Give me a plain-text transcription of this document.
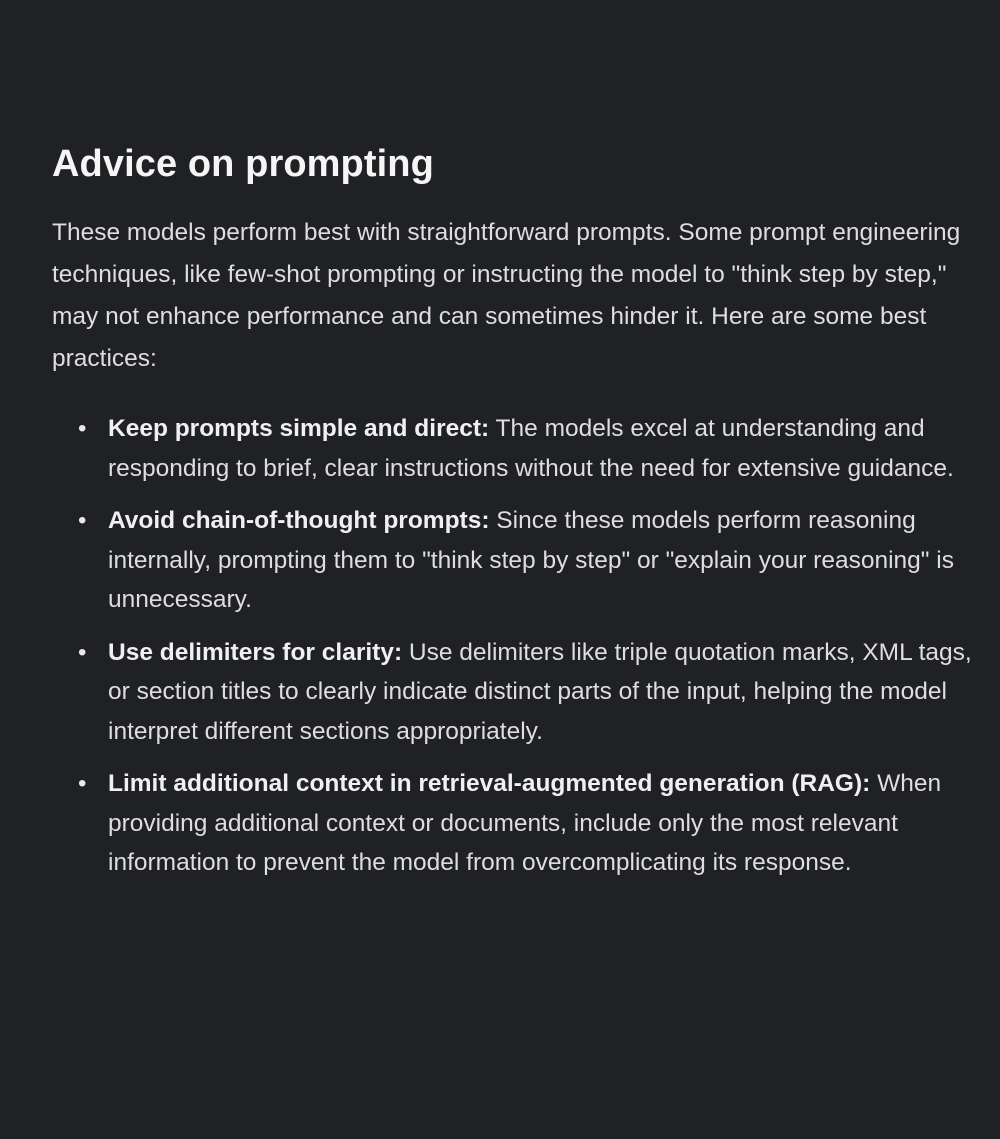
Advice on prompting

These models perform best with straightforward prompts. Some prompt engineering techniques, like few-shot prompting or instructing the model to "think step by step," may not enhance performance and can sometimes hinder it. Here are some best practices:

• Keep prompts simple and direct: The models excel at understanding and responding to brief, clear instructions without the need for extensive guidance.
• Avoid chain-of-thought prompts: Since these models perform reasoning internally, prompting them to "think step by step" or "explain your reasoning" is unnecessary.
• Use delimiters for clarity: Use delimiters like triple quotation marks, XML tags, or section titles to clearly indicate distinct parts of the input, helping the model interpret different sections appropriately.
• Limit additional context in retrieval-augmented generation (RAG): When providing additional context or documents, include only the most relevant information to prevent the model from overcomplicating its response.
